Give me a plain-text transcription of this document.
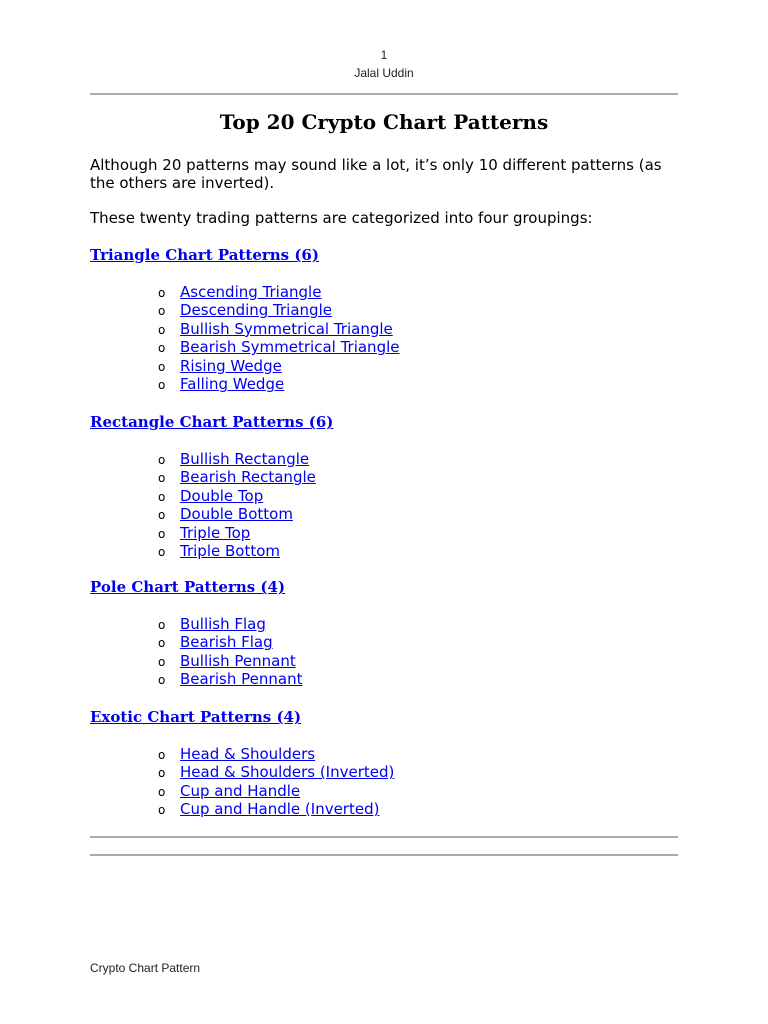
1
Jalal Uddin
Top 20 Crypto Chart Patterns

Although 20 patterns may sound like a lot, it’s only 10 different patterns (as the others are inverted).

These twenty trading patterns are categorized into four groupings:

Triangle Chart Patterns (6)

o Ascending Triangle
o Descending Triangle
o Bullish Symmetrical Triangle
o Bearish Symmetrical Triangle
o Rising Wedge
o Falling Wedge

Rectangle Chart Patterns (6)

o Bullish Rectangle
o Bearish Rectangle
o Double Top
o Double Bottom
o Triple Top
o Triple Bottom

Pole Chart Patterns (4)

o Bullish Flag
o Bearish Flag
o Bullish Pennant
o Bearish Pennant

Exotic Chart Patterns (4)

o Head & Shoulders
o Head & Shoulders (Inverted)
o Cup and Handle
o Cup and Handle (Inverted)
Crypto Chart Pattern
